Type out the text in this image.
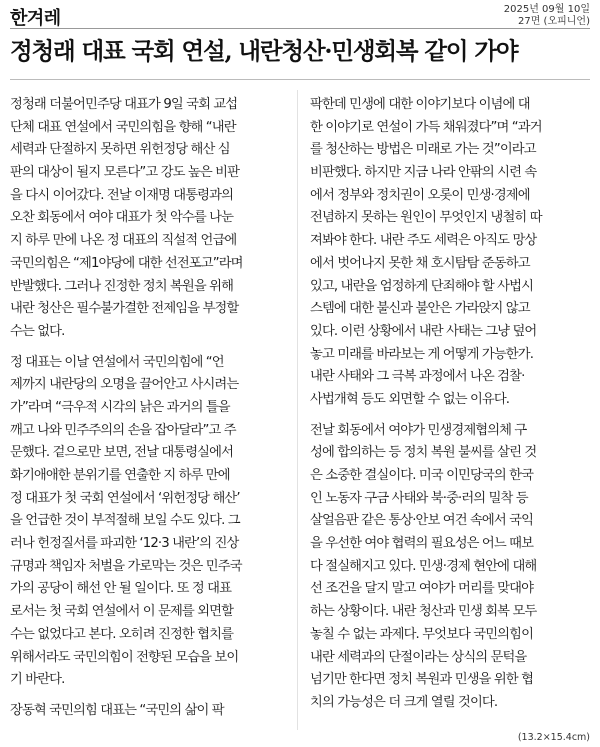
한겨레	2025년 09월 10일
27면 (오피니언)
정청래 대표 국회 연설, 내란청산·민생회복 같이 가야
정청래 더불어민주당 대표가 9일 국회 교섭
단체 대표 연설에서 국민의힘을 향해 “내란
세력과 단절하지 못하면 위헌정당 해산 심
판의 대상이 될지 모른다”고 강도 높은 비판
을 다시 이어갔다. 전날 이재명 대통령과의
오찬 회동에서 여야 대표가 첫 악수를 나눈
지 하루 만에 나온 정 대표의 직설적 언급에
국민의힘은 “제1야당에 대한 선전포고”라며
반발했다. 그러나 진정한 정치 복원을 위해
내란 청산은 필수불가결한 전제임을 부정할
수는 없다.
정 대표는 이날 연설에서 국민의힘에 “언
제까지 내란당의 오명을 끌어안고 사시려는
가”라며 “극우적 시각의 낡은 과거의 틀을
깨고 나와 민주주의의 손을 잡아달라”고 주
문했다. 겉으로만 보면, 전날 대통령실에서
화기애애한 분위기를 연출한 지 하루 만에
정 대표가 첫 국회 연설에서 ‘위헌정당 해산’
을 언급한 것이 부적절해 보일 수도 있다. 그
러나 헌정질서를 파괴한 ‘12·3 내란’의 진상
규명과 책임자 처벌을 가로막는 것은 민주국
가의 공당이 해선 안 될 일이다. 또 정 대표
로서는 첫 국회 연설에서 이 문제를 외면할
수는 없었다고 본다. 오히려 진정한 협치를
위해서라도 국민의힘이 전향된 모습을 보이
기 바란다.
장동혁 국민의힘 대표는 “국민의 삶이 팍
팍한데 민생에 대한 이야기보다 이념에 대
한 이야기로 연설이 가득 채워졌다”며 “과거
를 청산하는 방법은 미래로 가는 것”이라고
비판했다. 하지만 지금 나라 안팎의 시련 속
에서 정부와 정치권이 오롯이 민생·경제에
전념하지 못하는 원인이 무엇인지 냉철히 따
져봐야 한다. 내란 주도 세력은 아직도 망상
에서 벗어나지 못한 채 호시탐탐 준동하고
있고, 내란을 엄정하게 단죄해야 할 사법시
스템에 대한 불신과 불안은 가라앉지 않고
있다. 이런 상황에서 내란 사태는 그냥 덮어
놓고 미래를 바라보는 게 어떻게 가능한가.
내란 사태와 그 극복 과정에서 나온 검찰·
사법개혁 등도 외면할 수 없는 이유다.
전날 회동에서 여야가 민생경제협의체 구
성에 합의하는 등 정치 복원 불씨를 살린 것
은 소중한 결실이다. 미국 이민당국의 한국
인 노동자 구금 사태와 북·중·러의 밀착 등
살얼음판 같은 통상·안보 여건 속에서 국익
을 우선한 여야 협력의 필요성은 어느 때보
다 절실해지고 있다. 민생·경제 현안에 대해
선 조건을 달지 말고 여야가 머리를 맞대야
하는 상황이다. 내란 청산과 민생 회복 모두
놓칠 수 없는 과제다. 무엇보다 국민의힘이
내란 세력과의 단절이라는 상식의 문턱을
넘기만 한다면 정치 복원과 민생을 위한 협
치의 가능성은 더 크게 열릴 것이다.
(13.2×15.4cm)
